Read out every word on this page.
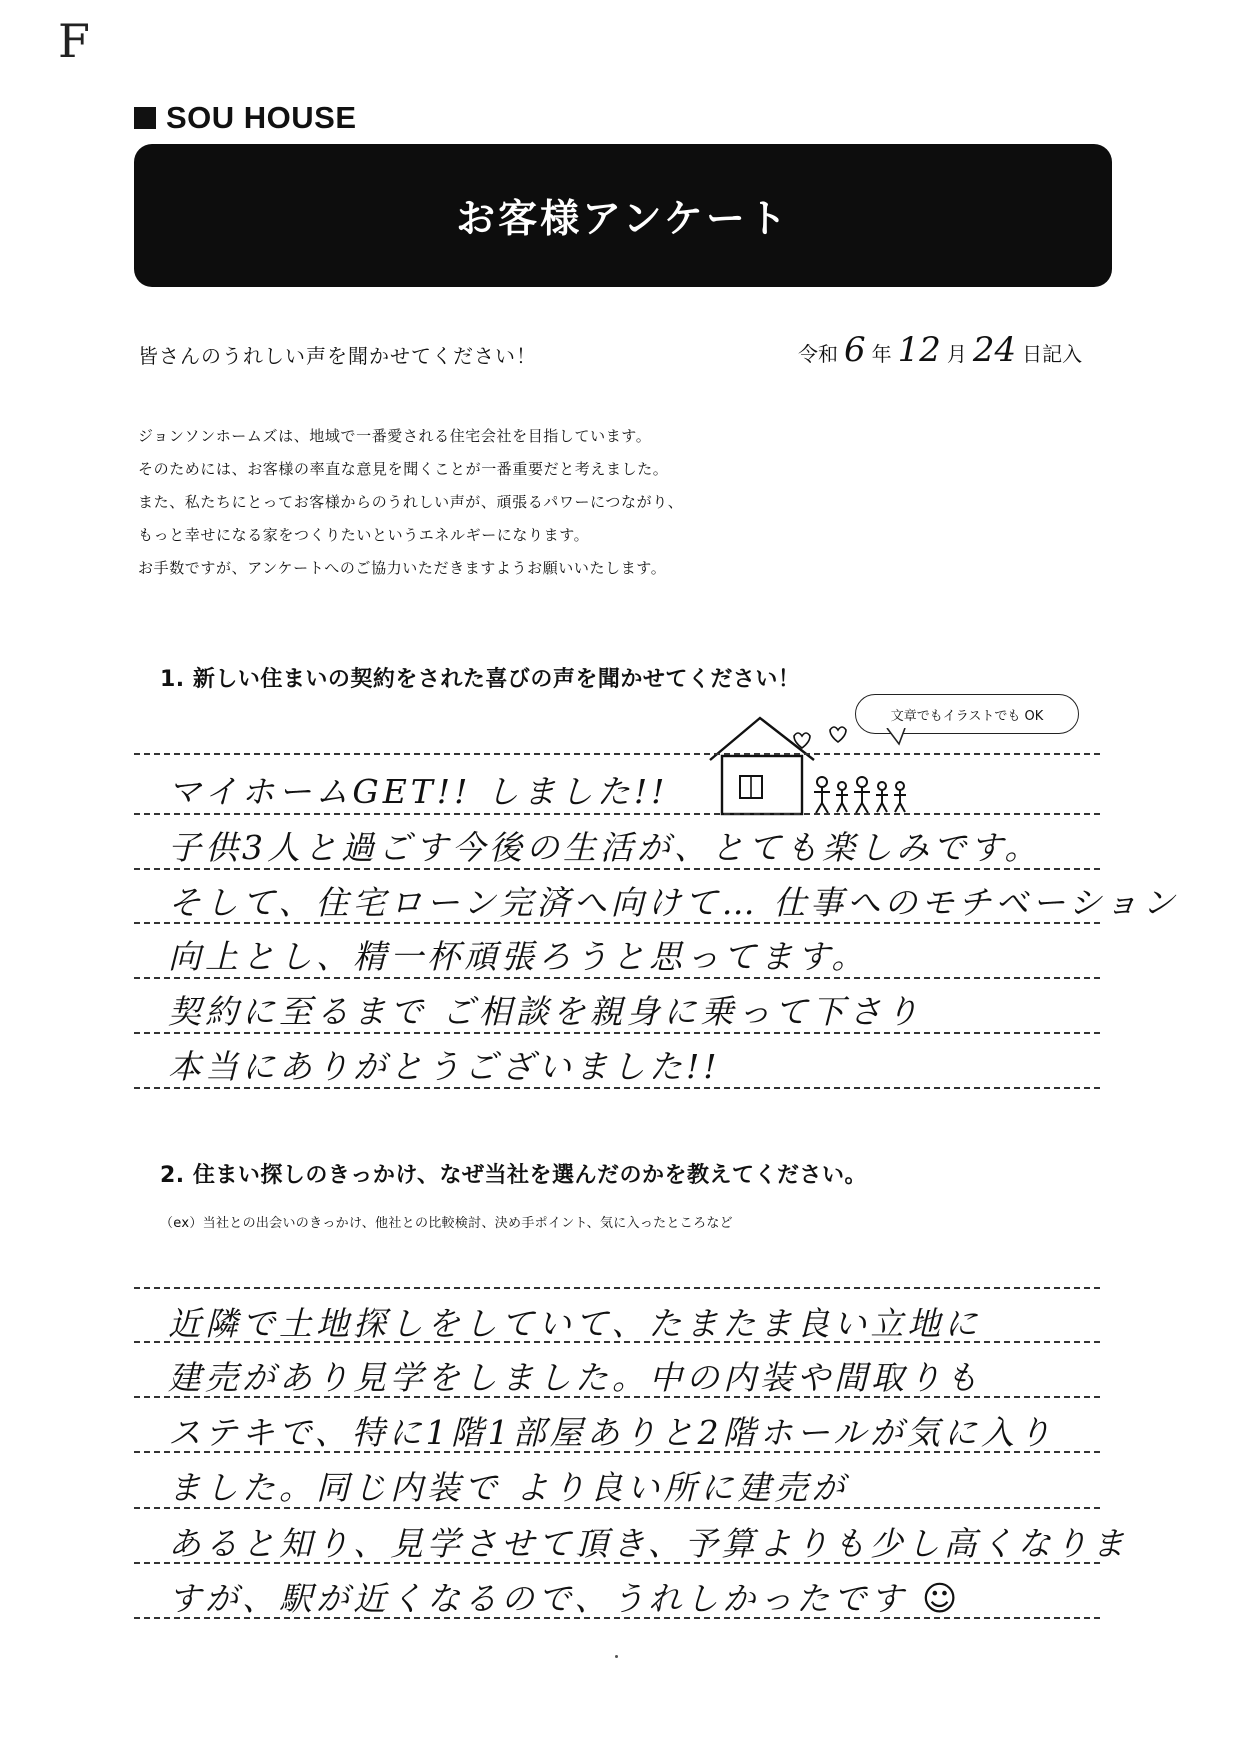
F
SOU HOUSE
お客様アンケート
皆さんのうれしい声を聞かせてください！	令和 6 年 12 月 24 日 記入

ジョンソンホームズは、地域で一番愛される住宅会社を目指しています。

そのためには、お客様の率直な意見を聞くことが一番重要だと考えました。

また、私たちにとってお客様からのうれしい声が、頑張るパワーにつながり、

もっと幸せになる家をつくりたいというエネルギーになります。

お手数ですが、アンケートへのご協力いただきますようお願いいたします。

1. 新しい住まいの契約をされた喜びの声を聞かせてください！
文章でもイラストでも OK
マイホームGET!! しました!!
子供3人と過ごす今後の生活が、とても楽しみです。
そして、住宅ローン完済へ向けて… 仕事へのモチベーション
向上とし、精一杯頑張ろうと思ってます。
契約に至るまで ご相談を親身に乗って下さり
本当にありがとうございました!!
2. 住まい探しのきっかけ、なぜ当社を選んだのかを教えてください。
（ex）当社との出会いのきっかけ、他社との比較検討、決め手ポイント、気に入ったところなど
近隣で土地探しをしていて、たまたま良い立地に
建売があり見学をしました。中の内装や間取りも
ステキで、特に1階1部屋ありと2階ホールが気に入り
ました。同じ内装で より良い所に建売が
あると知り、見学させて頂き、予算よりも少し高くなりま
すが、駅が近くなるので、うれしかったです ☺
